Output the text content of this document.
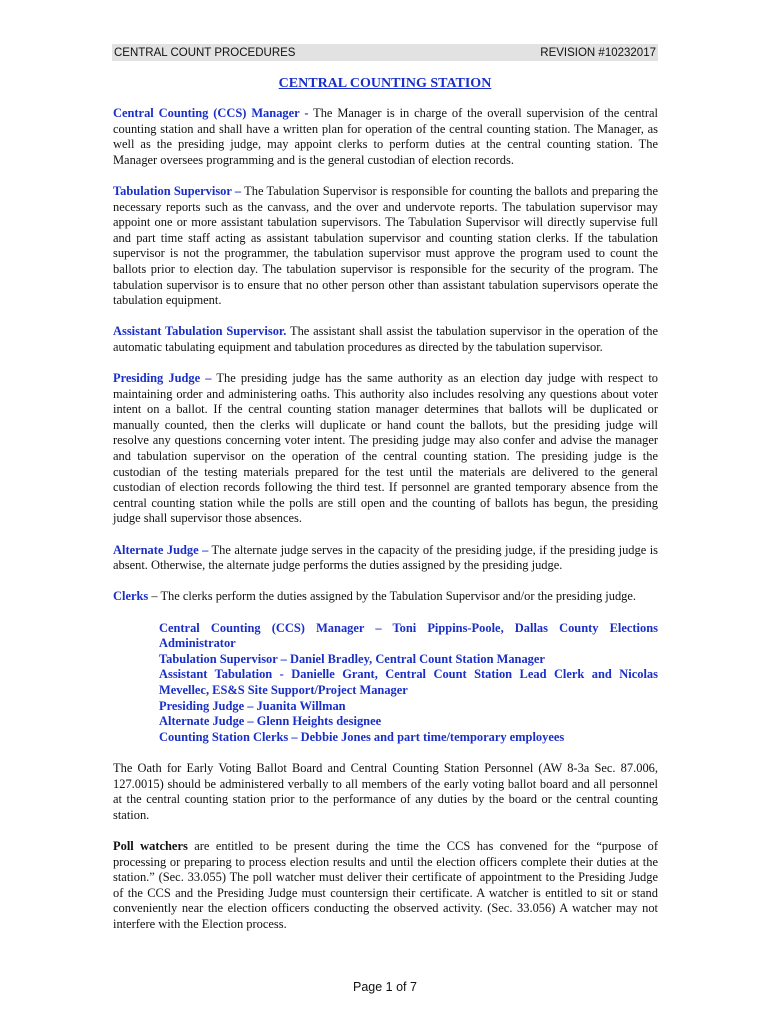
CENTRAL COUNT PROCEDURES	REVISION #10232017
CENTRAL COUNTING STATION

Central Counting (CCS) Manager - The Manager is in charge of the overall supervision of the central counting station and shall have a written plan for operation of the central counting station. The Manager, as well as the presiding judge, may appoint clerks to perform duties at the central counting station. The Manager oversees programming and is the general custodian of election records.

Tabulation Supervisor – The Tabulation Supervisor is responsible for counting the ballots and preparing the necessary reports such as the canvass, and the over and undervote reports. The tabulation supervisor may appoint one or more assistant tabulation supervisors. The Tabulation Supervisor will directly supervise full and part time staff acting as assistant tabulation supervisor and counting station clerks. If the tabulation supervisor is not the programmer, the tabulation supervisor must approve the program used to count the ballots prior to election day. The tabulation supervisor is responsible for the security of the program. The tabulation supervisor is to ensure that no other person other than assistant tabulation supervisors operate the tabulation equipment.

Assistant Tabulation Supervisor. The assistant shall assist the tabulation supervisor in the operation of the automatic tabulating equipment and tabulation procedures as directed by the tabulation supervisor.

Presiding Judge – The presiding judge has the same authority as an election day judge with respect to maintaining order and administering oaths. This authority also includes resolving any questions about voter intent on a ballot. If the central counting station manager determines that ballots will be duplicated or manually counted, then the clerks will duplicate or hand count the ballots, but the presiding judge will resolve any questions concerning voter intent. The presiding judge may also confer and advise the manager and tabulation supervisor on the operation of the central counting station. The presiding judge is the custodian of the testing materials prepared for the test until the materials are delivered to the general custodian of election records following the third test. If personnel are granted temporary absence from the central counting station while the polls are still open and the counting of ballots has begun, the presiding judge shall supervisor those absences.

Alternate Judge – The alternate judge serves in the capacity of the presiding judge, if the presiding judge is absent. Otherwise, the alternate judge performs the duties assigned by the presiding judge.

Clerks – The clerks perform the duties assigned by the Tabulation Supervisor and/or the presiding judge.

Central Counting (CCS) Manager – Toni Pippins-Poole, Dallas County Elections Administrator
Tabulation Supervisor – Daniel Bradley, Central Count Station Manager
Assistant Tabulation - Danielle Grant, Central Count Station Lead Clerk and Nicolas Mevellec, ES&S Site Support/Project Manager
Presiding Judge – Juanita Willman
Alternate Judge – Glenn Heights designee
Counting Station Clerks – Debbie Jones and part time/temporary employees

The Oath for Early Voting Ballot Board and Central Counting Station Personnel (AW 8-3a Sec. 87.006, 127.0015) should be administered verbally to all members of the early voting ballot board and all personnel at the central counting station prior to the performance of any duties by the board or the central counting station.

Poll watchers are entitled to be present during the time the CCS has convened for the “purpose of processing or preparing to process election results and until the election officers complete their duties at the station.” (Sec. 33.055) The poll watcher must deliver their certificate of appointment to the Presiding Judge of the CCS and the Presiding Judge must countersign their certificate. A watcher is entitled to sit or stand conveniently near the election officers conducting the observed activity. (Sec. 33.056) A watcher may not interfere with the Election process.

Page 1 of 7
